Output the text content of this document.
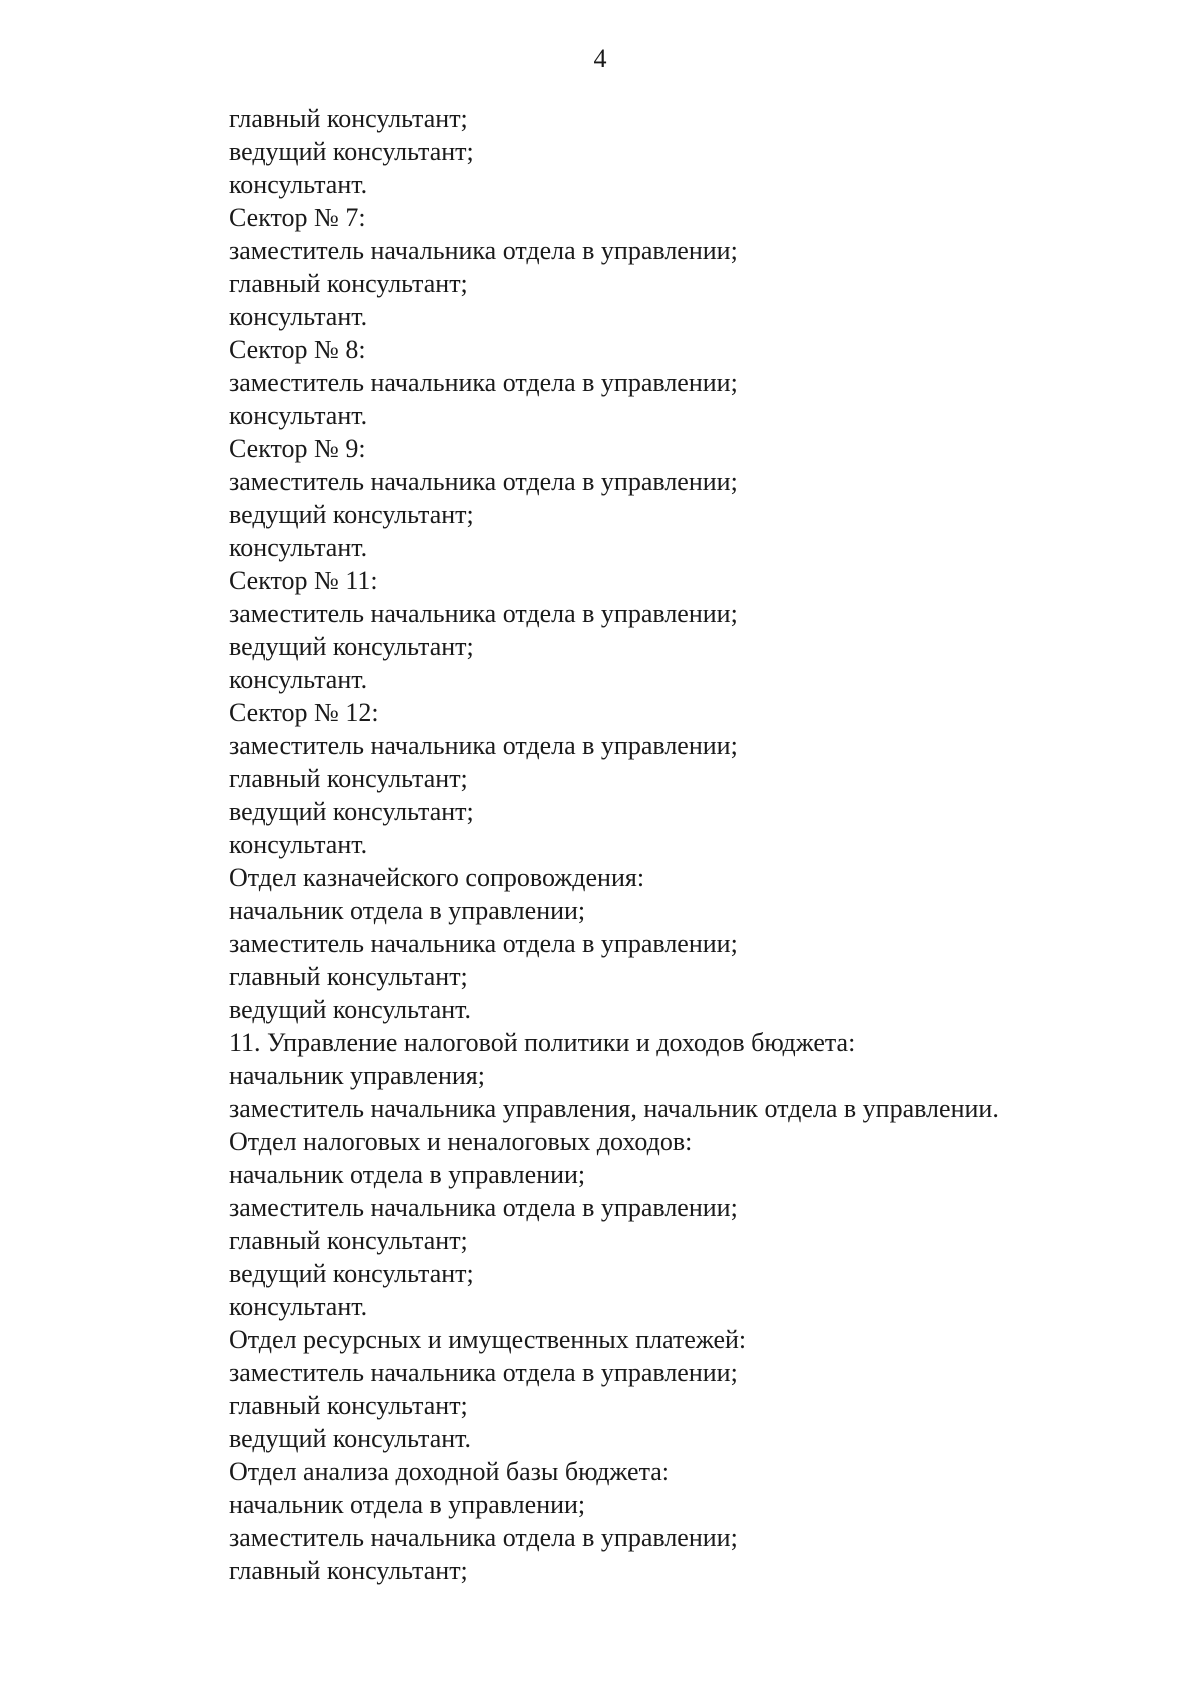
4
главный консультант;
ведущий консультант;
консультант.
Сектор № 7:
заместитель начальника отдела в управлении;
главный консультант;
консультант.
Сектор № 8:
заместитель начальника отдела в управлении;
консультант.
Сектор № 9:
заместитель начальника отдела в управлении;
ведущий консультант;
консультант.
Сектор № 11:
заместитель начальника отдела в управлении;
ведущий консультант;
консультант.
Сектор № 12:
заместитель начальника отдела в управлении;
главный консультант;
ведущий консультант;
консультант.
Отдел казначейского сопровождения:
начальник отдела в управлении;
заместитель начальника отдела в управлении;
главный консультант;
ведущий консультант.
11. Управление налоговой политики и доходов бюджета:
начальник управления;
заместитель начальника управления, начальник отдела в управлении.
Отдел налоговых и неналоговых доходов:
начальник отдела в управлении;
заместитель начальника отдела в управлении;
главный консультант;
ведущий консультант;
консультант.
Отдел ресурсных и имущественных платежей:
заместитель начальника отдела в управлении;
главный консультант;
ведущий консультант.
Отдел анализа доходной базы бюджета:
начальник отдела в управлении;
заместитель начальника отдела в управлении;
главный консультант;
